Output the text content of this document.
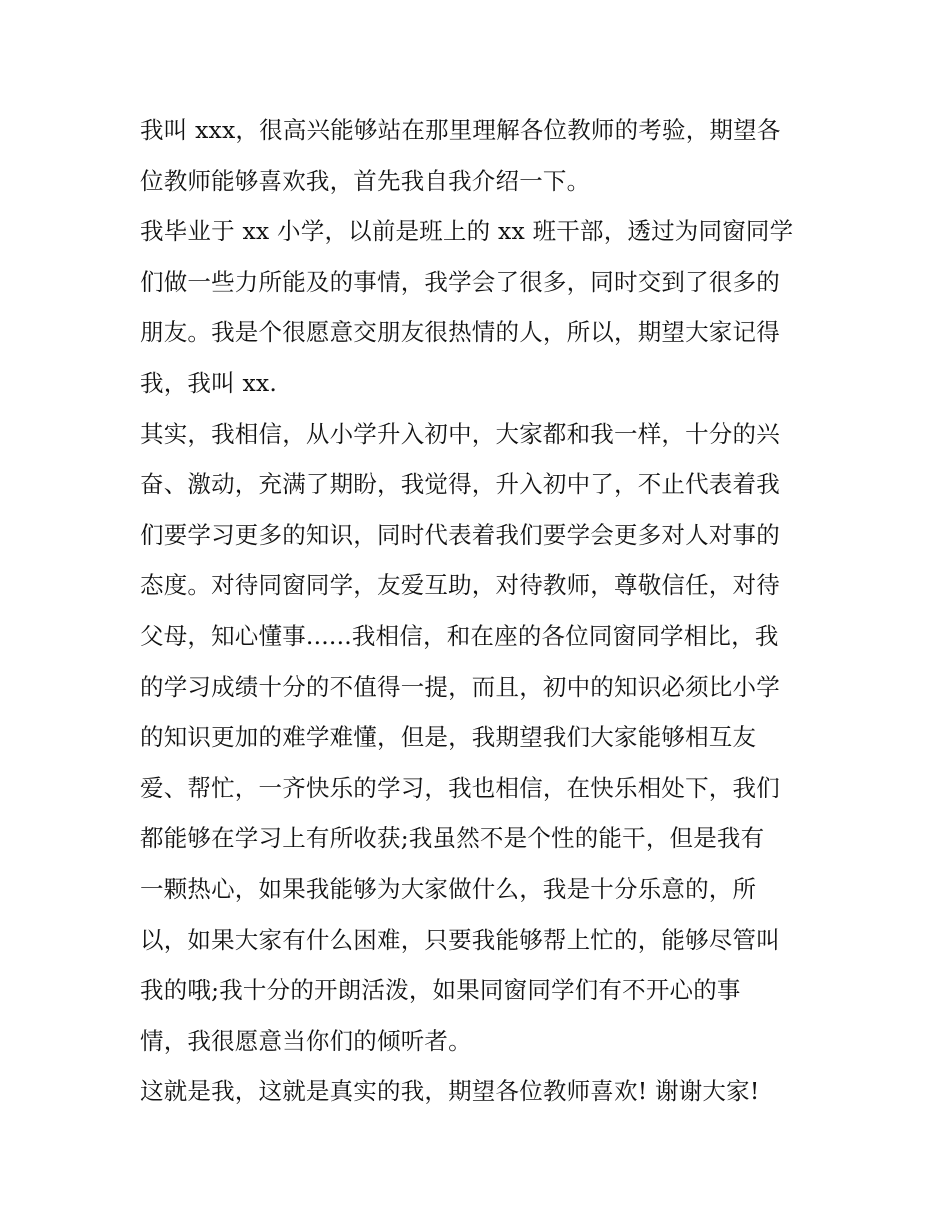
我叫 xxx，很高兴能够站在那里理解各位教师的考验，期望各
位教师能够喜欢我，首先我自我介绍一下。
我毕业于 xx 小学，以前是班上的 xx 班干部，透过为同窗同学
们做一些力所能及的事情，我学会了很多，同时交到了很多的
朋友。我是个很愿意交朋友很热情的人，所以，期望大家记得
我，我叫 xx.
其实，我相信，从小学升入初中，大家都和我一样，十分的兴
奋、激动，充满了期盼，我觉得，升入初中了，不止代表着我
们要学习更多的知识，同时代表着我们要学会更多对人对事的
态度。对待同窗同学，友爱互助，对待教师，尊敬信任，对待
父母，知心懂事......我相信，和在座的各位同窗同学相比，我
的学习成绩十分的不值得一提，而且，初中的知识必须比小学
的知识更加的难学难懂，但是，我期望我们大家能够相互友
爱、帮忙，一齐快乐的学习，我也相信，在快乐相处下，我们
都能够在学习上有所收获;我虽然不是个性的能干，但是我有
一颗热心，如果我能够为大家做什么，我是十分乐意的，所
以，如果大家有什么困难，只要我能够帮上忙的，能够尽管叫
我的哦;我十分的开朗活泼，如果同窗同学们有不开心的事
情，我很愿意当你们的倾听者。
这就是我，这就是真实的我，期望各位教师喜欢! 谢谢大家!
